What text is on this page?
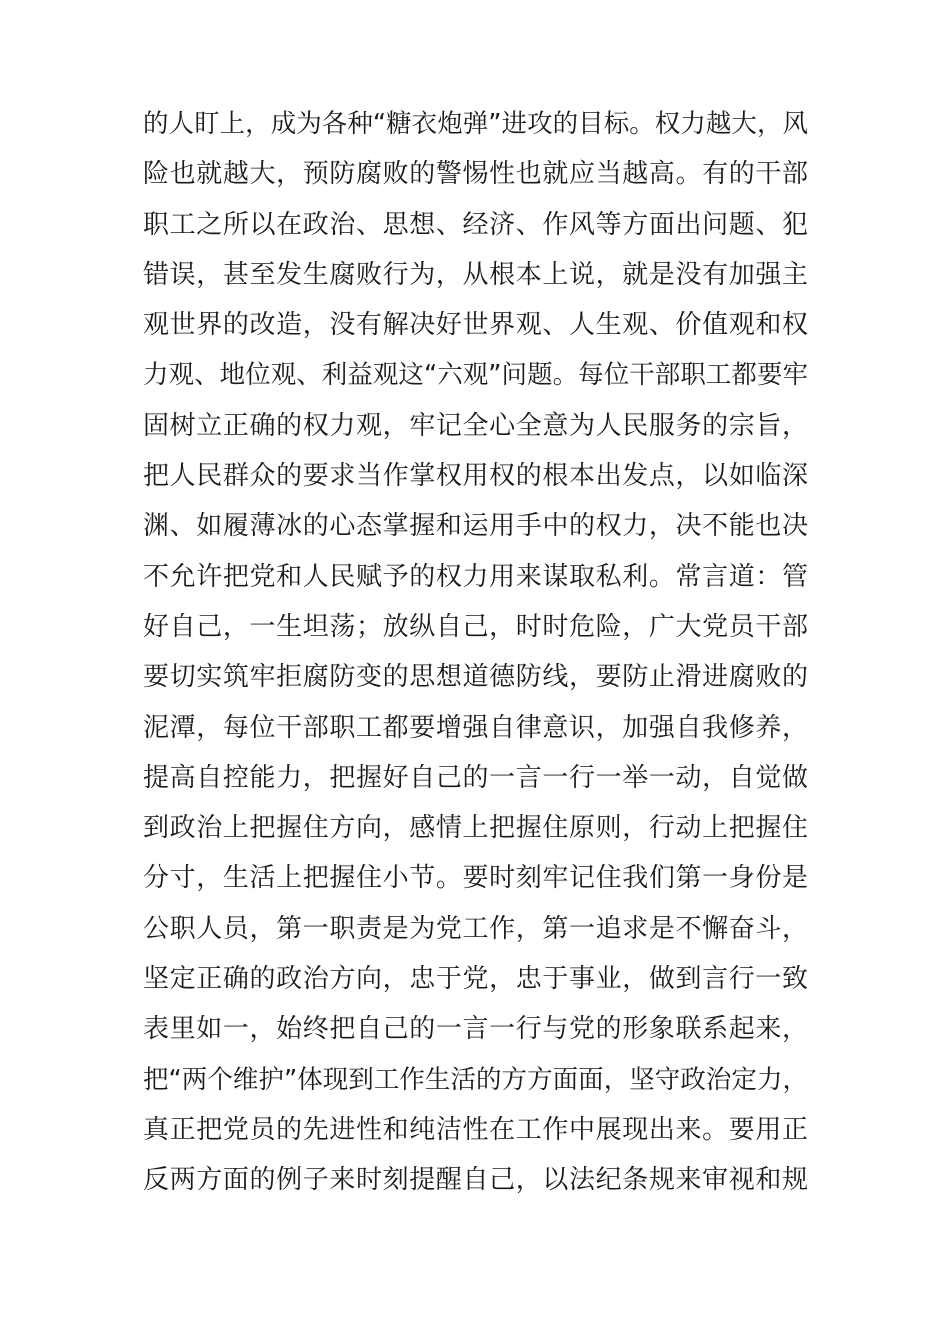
的人盯上，成为各种“糖衣炮弹”进攻的目标。权力越大，风
险也就越大，预防腐败的警惕性也就应当越高。有的干部
职工之所以在政治、思想、经济、作风等方面出问题、犯
错误，甚至发生腐败行为，从根本上说，就是没有加强主
观世界的改造，没有解决好世界观、人生观、价值观和权
力观、地位观、利益观这“六观”问题。每位干部职工都要牢
固树立正确的权力观，牢记全心全意为人民服务的宗旨，
把人民群众的要求当作掌权用权的根本出发点，以如临深
渊、如履薄冰的心态掌握和运用手中的权力，决不能也决
不允许把党和人民赋予的权力用来谋取私利。常言道：管
好自己，一生坦荡；放纵自己，时时危险，广大党员干部
要切实筑牢拒腐防变的思想道德防线，要防止滑进腐败的
泥潭，每位干部职工都要增强自律意识，加强自我修养，
提高自控能力，把握好自己的一言一行一举一动，自觉做
到政治上把握住方向，感情上把握住原则，行动上把握住
分寸，生活上把握住小节。要时刻牢记住我们第一身份是
公职人员，第一职责是为党工作，第一追求是不懈奋斗，
坚定正确的政治方向，忠于党，忠于事业，做到言行一致
表里如一，始终把自己的一言一行与党的形象联系起来，
把“两个维护”体现到工作生活的方方面面，坚守政治定力，
真正把党员的先进性和纯洁性在工作中展现出来。要用正
反两方面的例子来时刻提醒自己，以法纪条规来审视和规
